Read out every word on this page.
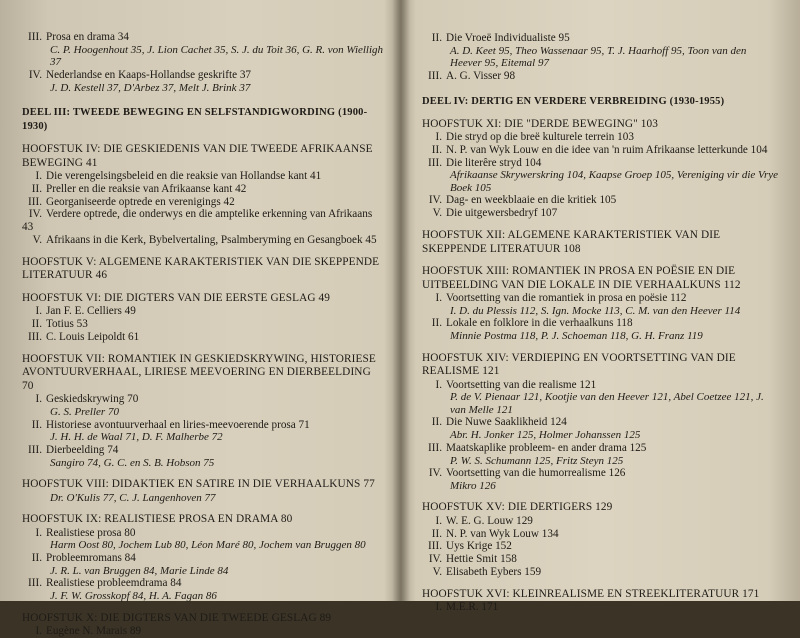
III. Prosa en drama 34
C. P. Hoogenhout 35, J. Lion Cachet 35, S. J. du Toit 36, G. R. von Wielligh 37
IV. Nederlandse en Kaaps-Hollandse geskrifte 37
J. D. Kestell 37, D'Arbez 37, Melt J. Brink 37
DEEL III: TWEEDE BEWEGING EN SELFSTANDIGWORDING (1900-1930)
HOOFSTUK IV: DIE GESKIEDENIS VAN DIE TWEEDE AFRIKAANSE BEWEGING 41
I. Die verengelsingsbeleid en die reaksie van Hollandse kant 41
II. Preller en die reaksie van Afrikaanse kant 42
III. Georganiseerde optrede en verenigings 42
IV. Verdere optrede, die onderwys en die amptelike erkenning van Afrikaans 43
V. Afrikaans in die Kerk, Bybelvertaling, Psalmberyming en Gesangboek 45
HOOFSTUK V: ALGEMENE KARAKTERISTIEK VAN DIE SKEPPENDE LITERATUUR 46
HOOFSTUK VI: DIE DIGTERS VAN DIE EERSTE GESLAG 49
I. Jan F. E. Celliers 49
II. Totius 53
III. C. Louis Leipoldt 61
HOOFSTUK VII: ROMANTIEK IN GESKIEDSKRYWING, HISTORIESE AVONTUURVERHAAL, LIRIESE MEEVOERING EN DIERBEELDING 70
I. Geskiedskrywing 70
G. S. Preller 70
II. Historiese avontuurverhaal en liries-meevoerende prosa 71
J. H. H. de Waal 71, D. F. Malherbe 72
III. Dierbeelding 74
Sangiro 74, G. C. en S. B. Hobson 75
HOOFSTUK VIII: DIDAKTIEK EN SATIRE IN DIE VERHAALKUNS 77
Dr. O'Kulis 77, C. J. Langenhoven 77
HOOFSTUK IX: REALISTIESE PROSA EN DRAMA 80
I. Realistiese prosa 80
Harm Oost 80, Jochem Lub 80, Léon Maré 80, Jochem van Bruggen 80
II. Probleemromans 84
J. R. L. van Bruggen 84, Marie Linde 84
III. Realistiese probleemdrama 84
J. F. W. Grosskopf 84, H. A. Fagan 86
HOOFSTUK X: DIE DIGTERS VAN DIE TWEEDE GESLAG 89
I. Eugène N. Marais 89
II. Die Vroeë Individualiste 95
A. D. Keet 95, Theo Wassenaar 95, T. J. Haarhoff 95, Toon van den Heever 95, Eitemal 97
III. A. G. Visser 98
DEEL IV: DERTIG EN VERDERE VERBREIDING (1930-1955)
HOOFSTUK XI: DIE "DERDE BEWEGING" 103
I. Die stryd op die breë kulturele terrein 103
II. N. P. van Wyk Louw en die idee van 'n ruim Afrikaanse letterkunde 104
III. Die literêre stryd 104
Afrikaanse Skrywerskring 104, Kaapse Groep 105, Vereniging vir die Vrye Boek 105
IV. Dag- en weekblaaie en die kritiek 105
V. Die uitgewersbedryf 107
HOOFSTUK XII: ALGEMENE KARAKTERISTIEK VAN DIE SKEPPENDE LITERATUUR 108
HOOFSTUK XIII: ROMANTIEK IN PROSA EN POËSIE EN DIE UITBEELDING VAN DIE LOKALE IN DIE VERHAALKUNS 112
I. Voortsetting van die romantiek in prosa en poësie 112
I. D. du Plessis 112, S. Ign. Mocke 113, C. M. van den Heever 114
II. Lokale en folklore in die verhaalkuns 118
Minnie Postma 118, P. J. Schoeman 118, G. H. Franz 119
HOOFSTUK XIV: VERDIEPING EN VOORTSETTING VAN DIE REALISME 121
I. Voortsetting van die realisme 121
P. de V. Pienaar 121, Kootjie van den Heever 121, Abel Coetzee 121, J. van Melle 121
II. Die Nuwe Saaklikheid 124
Abr. H. Jonker 125, Holmer Johanssen 125
III. Maatskaplike probleem- en ander drama 125
P. W. S. Schumann 125, Fritz Steyn 125
IV. Voortsetting van die humorrealisme 126
Mikro 126
HOOFSTUK XV: DIE DERTIGERS 129
I. W. E. G. Louw 129
II. N. P. van Wyk Louw 134
III. Uys Krige 152
IV. Hettie Smit 158
V. Elisabeth Eybers 159
HOOFSTUK XVI: KLEINREALISME EN STREEKLITERATUUR 171
I. M.E.R. 171
